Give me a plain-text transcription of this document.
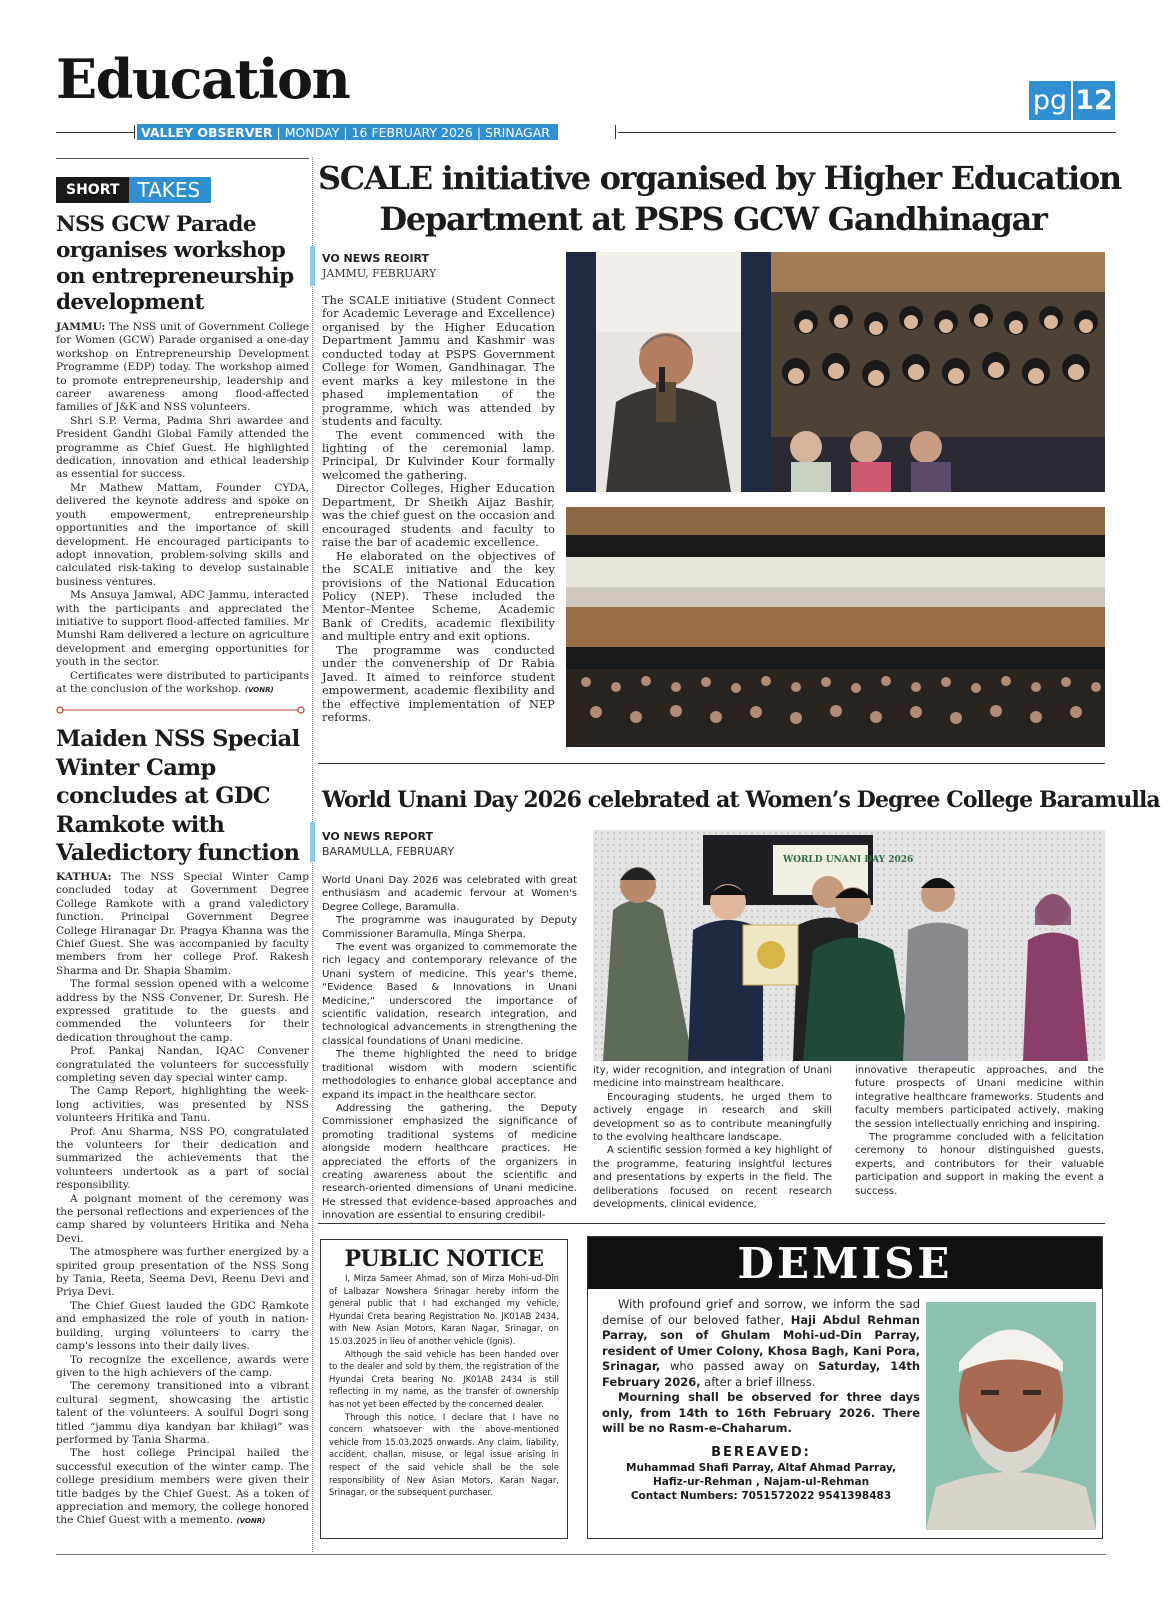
Education	pg 12
VALLEY OBSERVER | MONDAY | 16 FEBRUARY 2026 | SRINAGAR
SHORT TAKES
NSS GCW Parade organises workshop on entrepreneurship development

JAMMU: The NSS unit of Government College for Women (GCW) Parade organised a one-day workshop on Entrepreneurship Development Programme (EDP) today. The workshop aimed to promote entrepreneurship, leadership and career awareness among flood-affected families of J&K and NSS volunteers.

Shri S.P. Verma, Padma Shri awardee and President Gandhi Global Family attended the programme as Chief Guest. He highlighted dedication, innovation and ethical leadership as essential for success.

Mr Mathew Mattam, Founder CYDA, delivered the keynote address and spoke on youth empowerment, entrepreneurship opportunities and the importance of skill development. He encouraged participants to adopt innovation, problem-solving skills and calculated risk-taking to develop sustainable business ventures.

Ms Ansuya Jamwal, ADC Jammu, interacted with the participants and appreciated the initiative to support flood-affected families. Mr Munshi Ram delivered a lecture on agriculture development and emerging opportunities for youth in the sector.

Certificates were distributed to participants at the conclusion of the workshop. (VONR)

Maiden NSS Special Winter Camp concludes at GDC Ramkote with Valedictory function

KATHUA: The NSS Special Winter Camp concluded today at Government Degree College Ramkote with a grand valedictory function. Principal Government Degree College Hiranagar Dr. Pragya Khanna was the Chief Guest. She was accompanied by faculty members from her college Prof. Rakesh Sharma and Dr. Shapia Shamim.

The formal session opened with a welcome address by the NSS Convener, Dr. Suresh. He expressed gratitude to the guests and commended the volunteers for their dedication throughout the camp.

Prof. Pankaj Nandan, IQAC Convener congratulated the volunteers for successfully completing seven day special winter camp.

The Camp Report, highlighting the week-long activities, was presented by NSS volunteers Hritika and Tanu.

Prof. Anu Sharma, NSS PO, congratulated the volunteers for their dedication and summarized the achievements that the volunteers undertook as a part of social responsibility.

A poignant moment of the ceremony was the personal reflections and experiences of the camp shared by volunteers Hritika and Neha Devi.

The atmosphere was further energized by a spirited group presentation of the NSS Song by Tania, Reeta, Seema Devi, Reenu Devi and Priya Devi.

The Chief Guest lauded the GDC Ramkote and emphasized the role of youth in nation-building, urging volunteers to carry the camp's lessons into their daily lives.

To recognize the excellence, awards were given to the high achievers of the camp.

The ceremony transitioned into a vibrant cultural segment, showcasing the artistic talent of the volunteers. A soulful Dogri song titled “jammu diya kandyan bar khilagi” was performed by Tania Sharma.

The host college Principal hailed the successful execution of the winter camp. The college presidium members were given their title badges by the Chief Guest. As a token of appreciation and memory, the college honored the Chief Guest with a memento. (VONR)

SCALE initiative organised by Higher Education
Department at PSPS GCW Gandhinagar
VO NEWS REOIRT
JAMMU, FEBRUARY

The SCALE initiative (Student Connect for Academic Leverage and Excellence) organised by the Higher Education Department Jammu and Kashmir was conducted today at PSPS Government College for Women, Gandhinagar. The event marks a key milestone in the phased implementation of the programme, which was attended by students and faculty.

The event commenced with the lighting of the ceremonial lamp. Principal, Dr Kulvinder Kour formally welcomed the gathering.

Director Colleges, Higher Education Department, Dr Sheikh Aijaz Bashir, was the chief guest on the occasion and encouraged students and faculty to raise the bar of academic excellence.

He elaborated on the objectives of the SCALE initiative and the key provisions of the National Education Policy (NEP). These included the Mentor–Mentee Scheme, Academic Bank of Credits, academic flexibility and multiple entry and exit options.

The programme was conducted under the convenership of Dr Rabia Javed. It aimed to reinforce student empowerment, academic flexibility and the effective implementation of NEP reforms.

World Unani Day 2026 celebrated at Women’s Degree College Baramulla
VO NEWS REPORT
BARAMULLA, FEBRUARY

World Unani Day 2026 was celebrated with great enthusiasm and academic fervour at Women's Degree College, Baramulla.

The programme was inaugurated by Deputy Commissioner Baramulla, Minga Sherpa.

The event was organized to commemorate the rich legacy and contemporary relevance of the Unani system of medicine. This year's theme, “Evidence Based & Innovations in Unani Medicine,” underscored the importance of scientific validation, research integration, and technological advancements in strengthening the classical foundations of Unani medicine.

The theme highlighted the need to bridge traditional wisdom with modern scientific methodologies to enhance global acceptance and expand its impact in the healthcare sector.

Addressing the gathering, the Deputy Commissioner emphasized the significance of promoting traditional systems of medicine alongside modern healthcare practices. He appreciated the efforts of the organizers in creating awareness about the scientific and research-oriented dimensions of Unani medicine. He stressed that evidence-based approaches and innovation are essential to ensuring credibil-

WORLD UNANI DAY 2026

ity, wider recognition, and integration of Unani medicine into mainstream healthcare.

Encouraging students, he urged them to actively engage in research and skill development so as to contribute meaningfully to the evolving healthcare landscape.

A scientific session formed a key highlight of the programme, featuring insightful lectures and presentations by experts in the field. The deliberations focused on recent research developments, clinical evidence,

innovative therapeutic approaches, and the future prospects of Unani medicine within integrative healthcare frameworks. Students and faculty members participated actively, making the session intellectually enriching and inspiring.

The programme concluded with a felicitation ceremony to honour distinguished guests, experts, and contributors for their valuable participation and support in making the event a success.

PUBLIC NOTICE

I, Mirza Sameer Ahmad, son of Mirza Mohi-ud-Din of Lalbazar Nowshera Srinagar hereby inform the general public that I had exchanged my vehicle, Hyundai Creta bearing Registration No. JK01AB 2434, with New Asian Motors, Karan Nagar, Srinagar, on 15.03.2025 in lieu of another vehicle (Ignis).

Although the said vehicle has been handed over to the dealer and sold by them, the registration of the Hyundai Creta bearing No. JK01AB 2434 is still reflecting in my name, as the transfer of ownership has not yet been effected by the concerned dealer.

Through this notice, I declare that I have no concern whatsoever with the above-mentioned vehicle from 15.03.2025 onwards. Any claim, liability, accident, challan, misuse, or legal issue arising in respect of the said vehicle shall be the sole responsibility of New Asian Motors, Karan Nagar, Srinagar, or the subsequent purchaser.

DEMISE

With profound grief and sorrow, we inform the sad demise of our beloved father, Haji Abdul Rehman Parray, son of Ghulam Mohi-ud-Din Parray, resident of Umer Colony, Khosa Bagh, Kani Pora, Srinagar, who passed away on Saturday, 14th February 2026, after a brief illness.

Mourning shall be observed for three days only, from 14th to 16th February 2026. There will be no Rasm-e-Chaharum.

BEREAVED:
Muhammad Shafi Parray, Altaf Ahmad Parray,
Hafiz-ur-Rehman , Najam-ul-Rehman
Contact Numbers: 7051572022 9541398483
